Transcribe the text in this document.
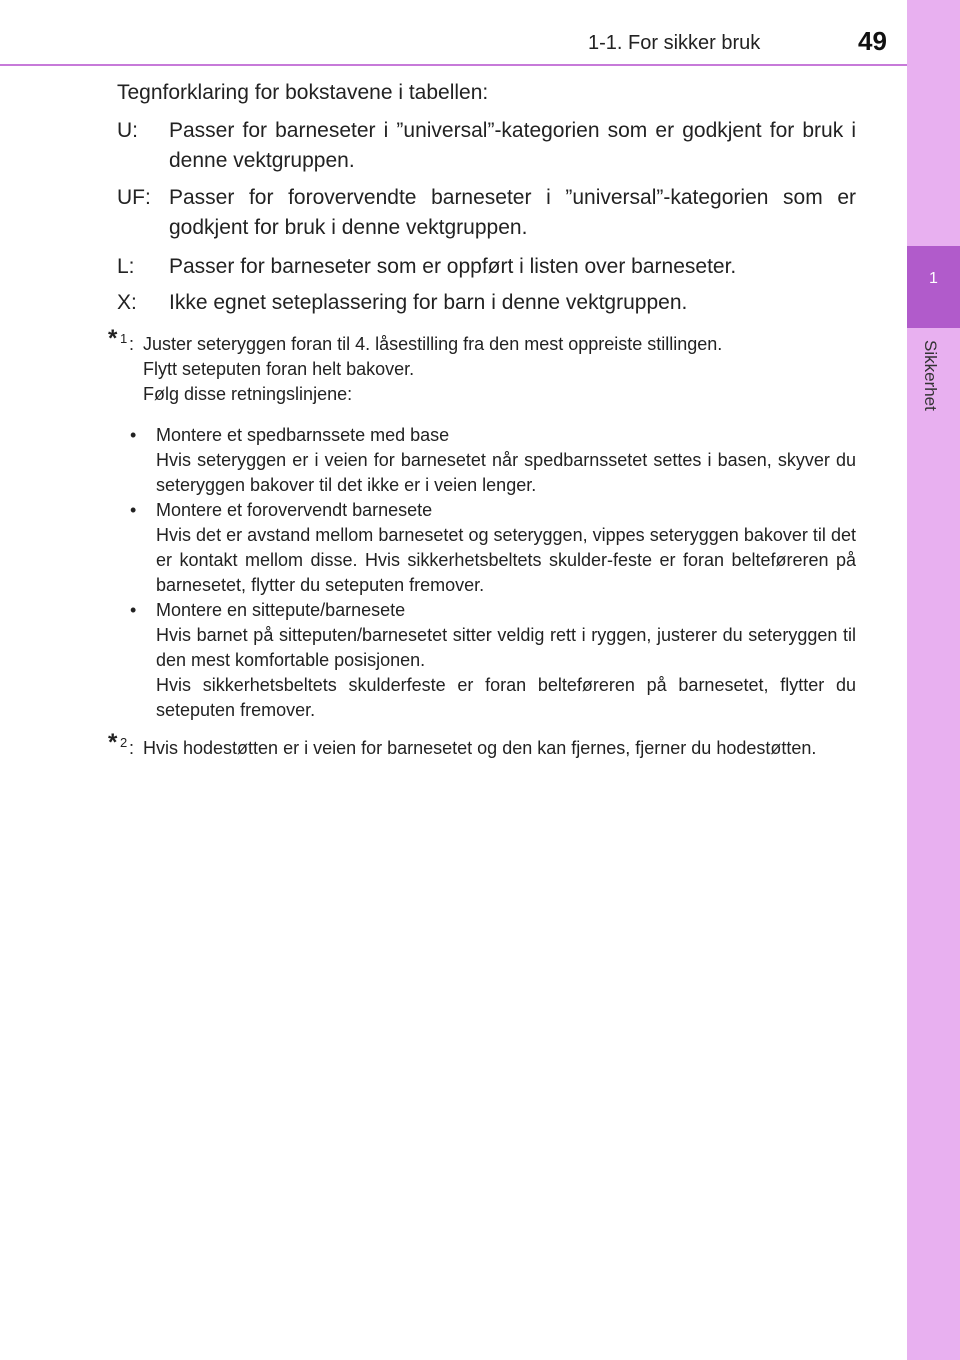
1
Sikkerhet
1-1. For sikker bruk	49
Tegnforklaring for bokstavene i tabellen:
U: Passer for barneseter i ”universal”-kategorien som er godkjent for bruk i denne vektgruppen.
UF: Passer for forovervendte barneseter i ”universal”-kategorien som er godkjent for bruk i denne vektgruppen.
L: Passer for barneseter som er oppført i listen over barneseter.
X: Ikke egnet seteplassering for barn i denne vektgruppen.
* 1 : Juster seteryggen foran til 4. låsestilling fra den mest oppreiste stillingen.
Flytt seteputen foran helt bakover.
Følg disse retningslinjene:
• Montere et spedbarnssete med base
Hvis seteryggen er i veien for barnesetet når spedbarnssetet settes i basen, skyver du seteryggen bakover til det ikke er i veien lenger.
• Montere et forovervendt barnesete
Hvis det er avstand mellom barnesetet og seteryggen, vippes seteryggen bakover til det er kontakt mellom disse. Hvis sikkerhetsbeltets skulder-feste er foran belteføreren på barnesetet, flytter du seteputen fremover.
• Montere en sittepute/barnesete
Hvis barnet på sitteputen/barnesetet sitter veldig rett i ryggen, justerer du seteryggen til den mest komfortable posisjonen.
Hvis sikkerhetsbeltets skulderfeste er foran belteføreren på barnesetet, flytter du seteputen fremover.
* 2 : Hvis hodestøtten er i veien for barnesetet og den kan fjernes, fjerner du hodestøtten.
